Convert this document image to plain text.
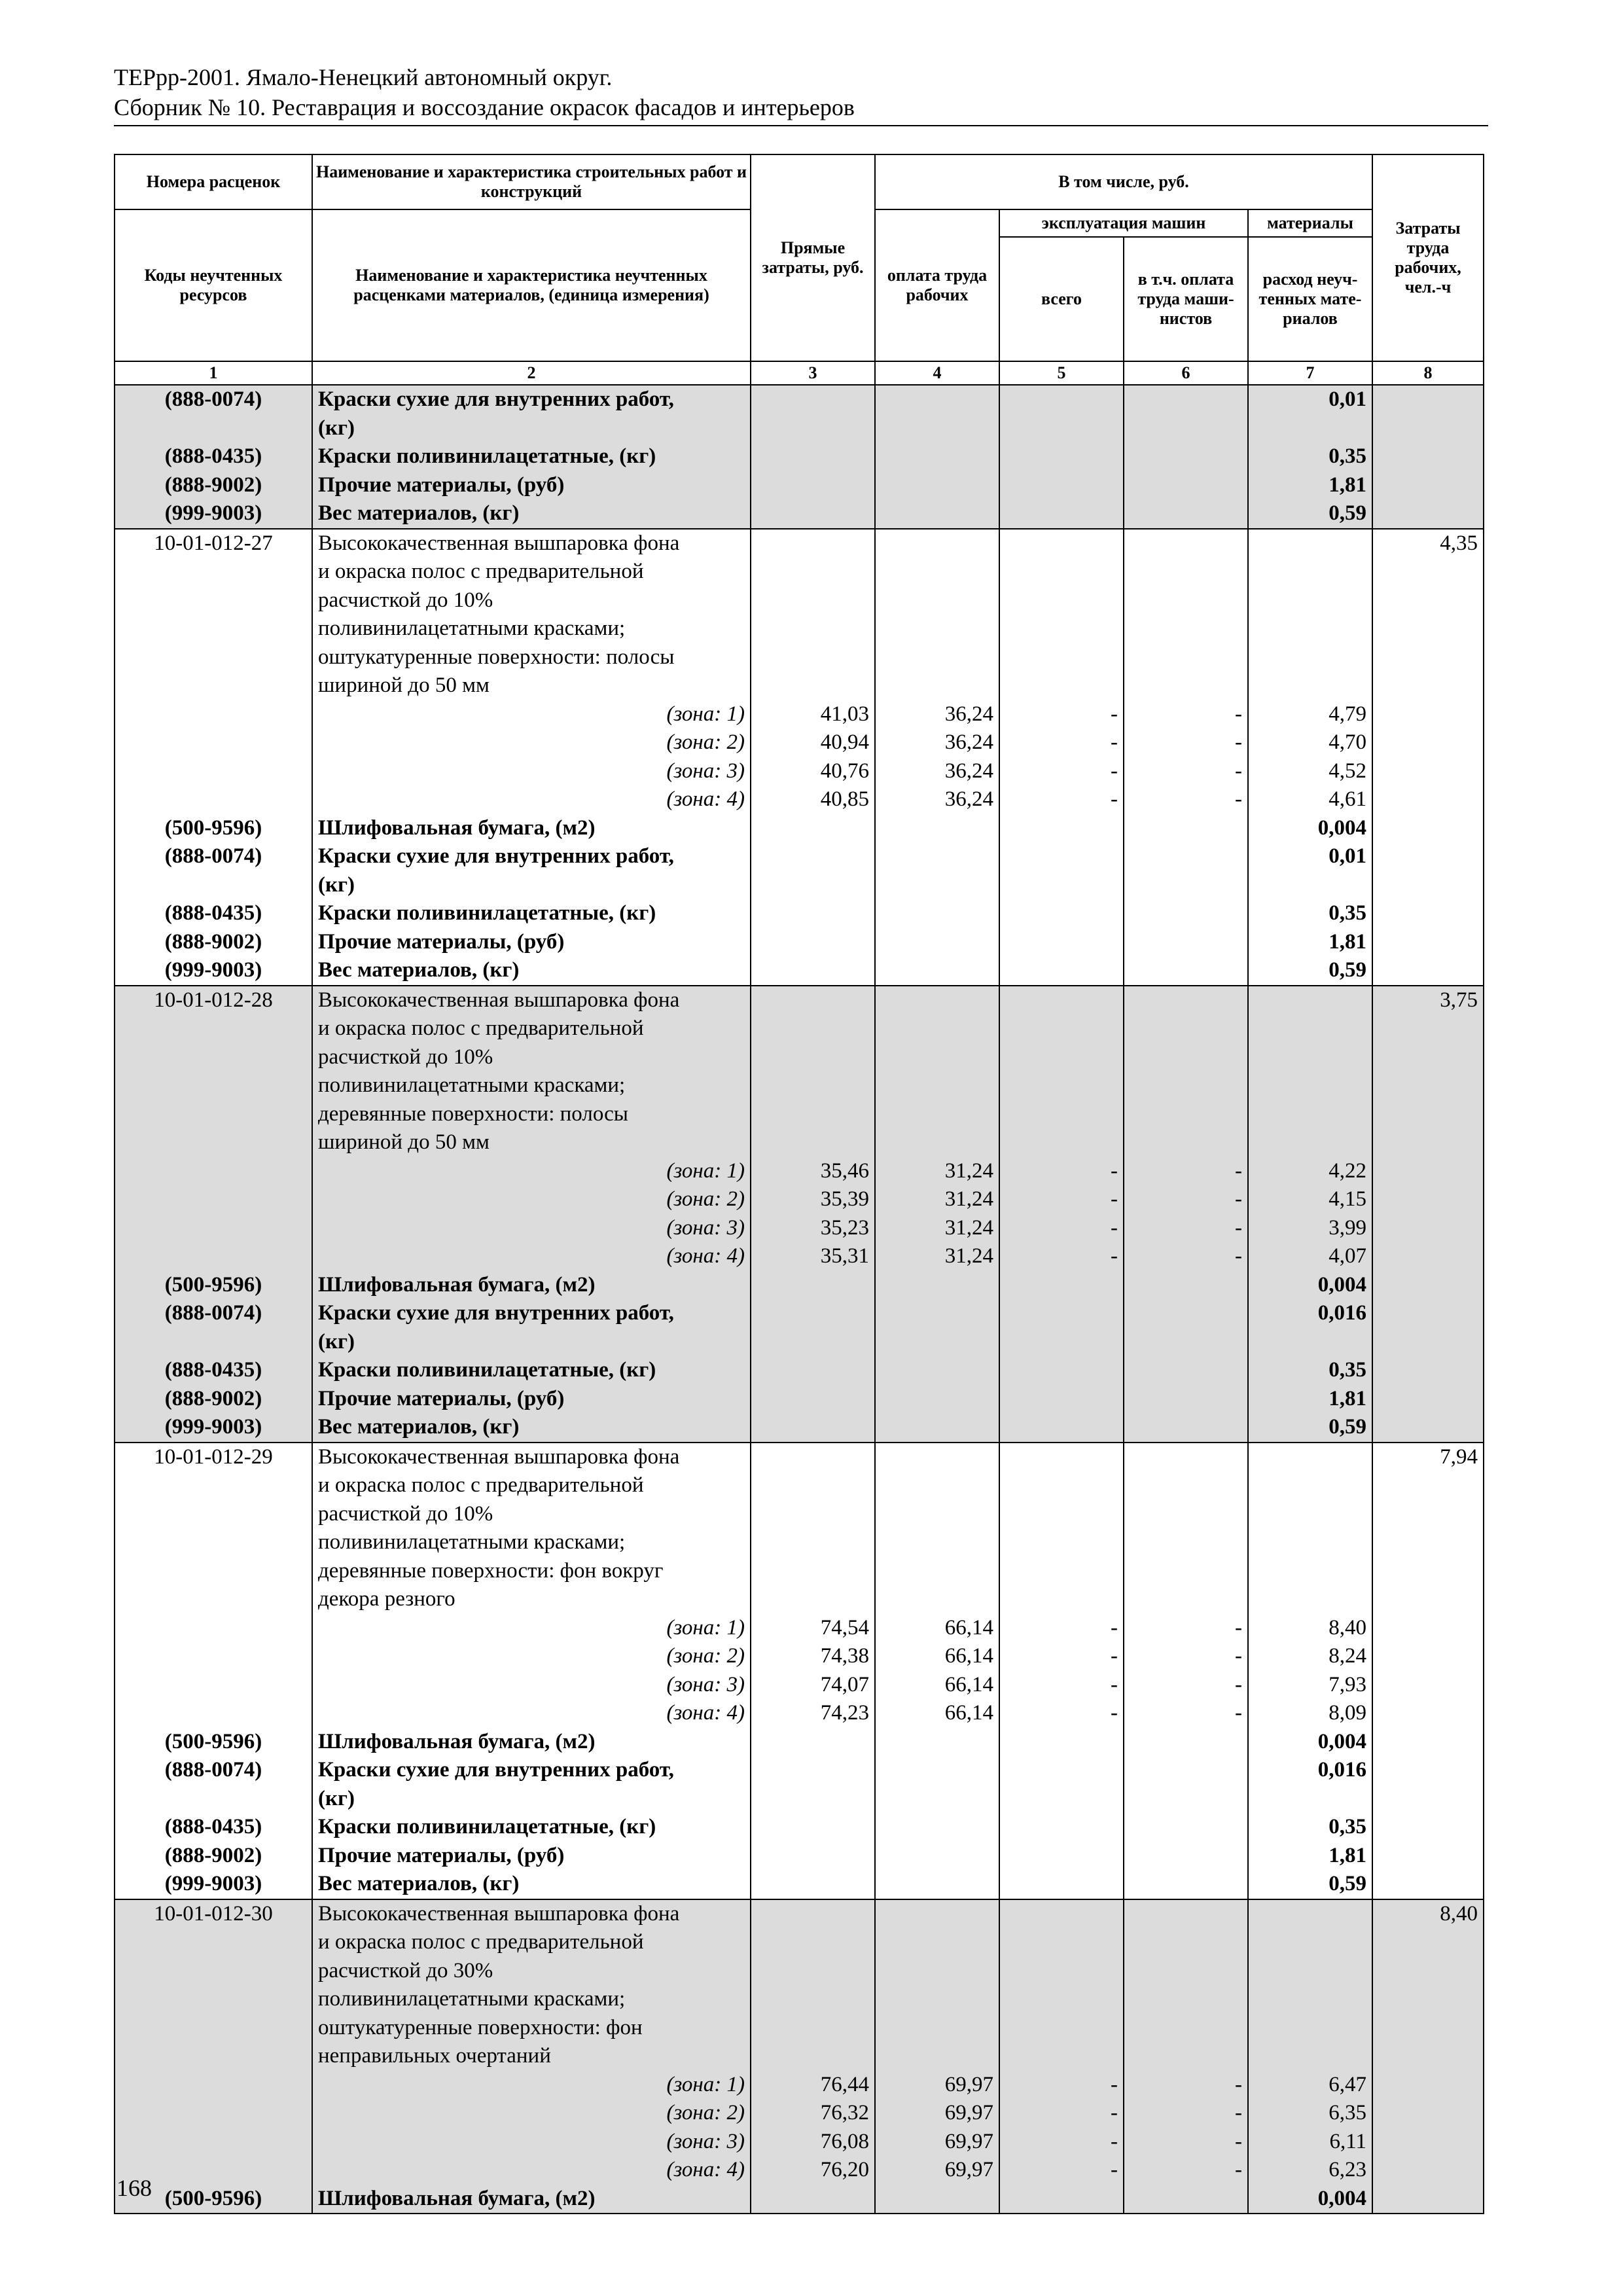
ТЕРрр-2001. Ямало-Ненецкий автономный округ.
Сборник № 10. Реставрация и воссоздание окрасок фасадов и интерьеров
Номера расценок	Наименование и характеристика строительных работ и конструкций	Прямые затраты, руб.	В том числе, руб.				Затраты труда рабочих, чел.-ч
Коды неучтенных ресурсов	Наименование и характеристика неучтенных расценками материалов, (единица измерения)		оплата труда рабочих	эксплуатация машин		материалы	
				всего	в т.ч. оплата труда маши-нистов	расход неуч-тенных мате-риалов	
1	2	3	4	5	6	7	8
(888-0074)	Краски сухие для внутренних работ,					0,01	
	(кг)						
(888-0435)	Краски поливинилацетатные, (кг)					0,35	
(888-9002)	Прочие материалы, (руб)					1,81	
(999-9003)	Вес материалов, (кг)					0,59	
10-01-012-27	Высококачественная вышпаровка фона						4,35
	и окраска полос с предварительной						
	расчисткой до 10%						
	поливинилацетатными красками;						
	оштукатуренные поверхности: полосы						
	шириной до 50 мм						
	(зона: 1)	41,03	36,24	-	-	4,79	
	(зона: 2)	40,94	36,24	-	-	4,70	
	(зона: 3)	40,76	36,24	-	-	4,52	
	(зона: 4)	40,85	36,24	-	-	4,61	
(500-9596)	Шлифовальная бумага, (м2)					0,004	
(888-0074)	Краски сухие для внутренних работ,					0,01	
	(кг)						
(888-0435)	Краски поливинилацетатные, (кг)					0,35	
(888-9002)	Прочие материалы, (руб)					1,81	
(999-9003)	Вес материалов, (кг)					0,59	
10-01-012-28	Высококачественная вышпаровка фона						3,75
	и окраска полос с предварительной						
	расчисткой до 10%						
	поливинилацетатными красками;						
	деревянные поверхности: полосы						
	шириной до 50 мм						
	(зона: 1)	35,46	31,24	-	-	4,22	
	(зона: 2)	35,39	31,24	-	-	4,15	
	(зона: 3)	35,23	31,24	-	-	3,99	
	(зона: 4)	35,31	31,24	-	-	4,07	
(500-9596)	Шлифовальная бумага, (м2)					0,004	
(888-0074)	Краски сухие для внутренних работ,					0,016	
	(кг)						
(888-0435)	Краски поливинилацетатные, (кг)					0,35	
(888-9002)	Прочие материалы, (руб)					1,81	
(999-9003)	Вес материалов, (кг)					0,59	
10-01-012-29	Высококачественная вышпаровка фона						7,94
	и окраска полос с предварительной						
	расчисткой до 10%						
	поливинилацетатными красками;						
	деревянные поверхности: фон вокруг						
	декора резного						
	(зона: 1)	74,54	66,14	-	-	8,40	
	(зона: 2)	74,38	66,14	-	-	8,24	
	(зона: 3)	74,07	66,14	-	-	7,93	
	(зона: 4)	74,23	66,14	-	-	8,09	
(500-9596)	Шлифовальная бумага, (м2)					0,004	
(888-0074)	Краски сухие для внутренних работ,					0,016	
	(кг)						
(888-0435)	Краски поливинилацетатные, (кг)					0,35	
(888-9002)	Прочие материалы, (руб)					1,81	
(999-9003)	Вес материалов, (кг)					0,59	
10-01-012-30	Высококачественная вышпаровка фона						8,40
	и окраска полос с предварительной						
	расчисткой до 30%						
	поливинилацетатными красками;						
	оштукатуренные поверхности: фон						
	неправильных очертаний						
	(зона: 1)	76,44	69,97	-	-	6,47	
	(зона: 2)	76,32	69,97	-	-	6,35	
	(зона: 3)	76,08	69,97	-	-	6,11	
	(зона: 4)	76,20	69,97	-	-	6,23	
(500-9596)	Шлифовальная бумага, (м2)					0,004	
168
